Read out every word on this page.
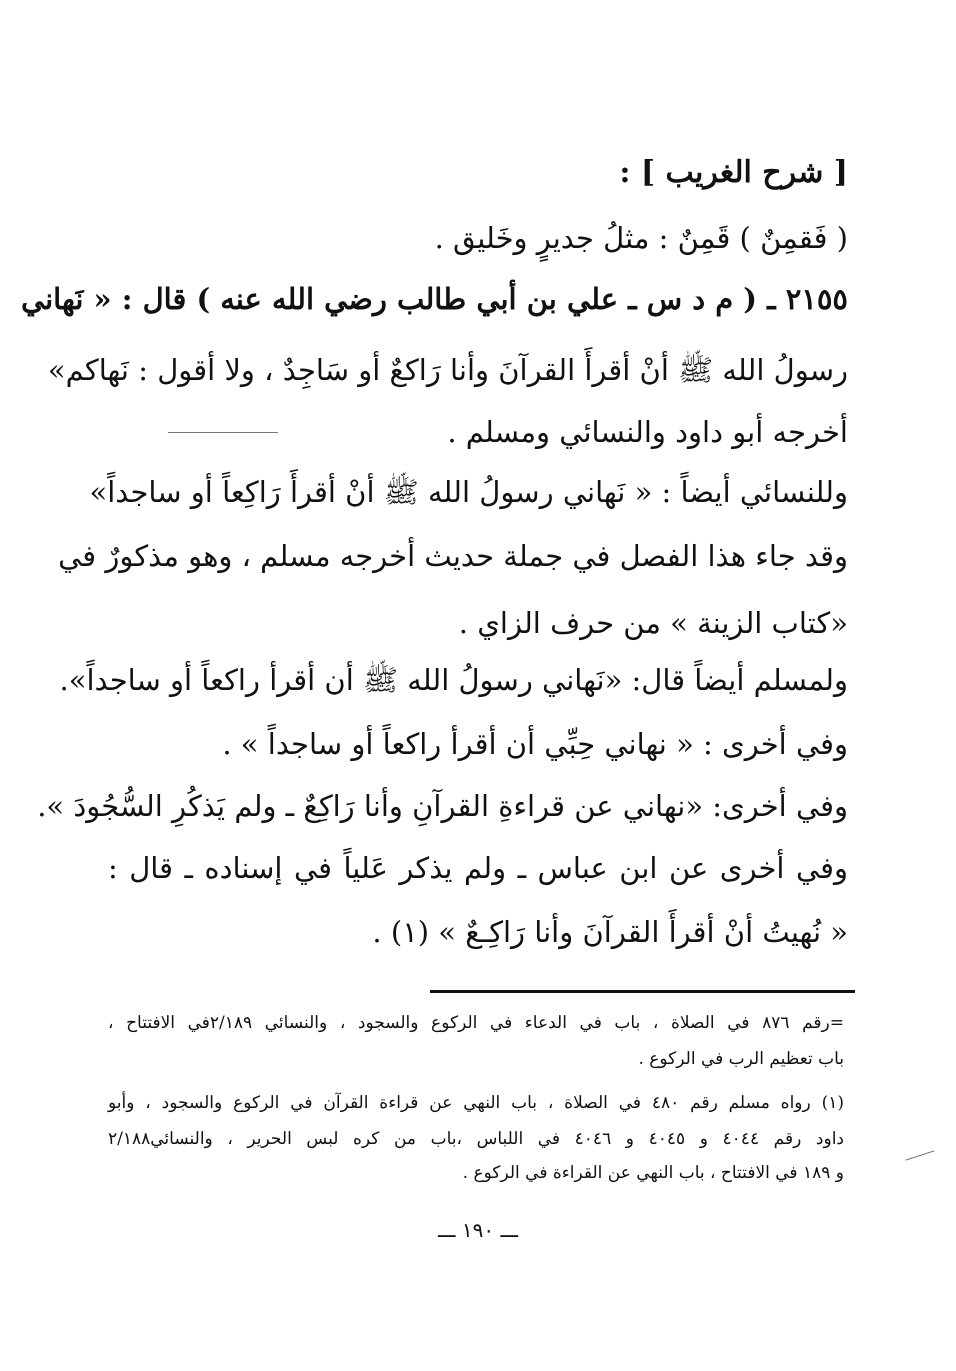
[ شرح الغريب ] :
( فَقمِنٌ ) قَمِنٌ : مثلُ جديرٍ وخَليق .
٢١٥٥ ـ ( م د س ـ علي بن أبي طالب رضي الله عنه ) قال : « نَهاني
رسولُ الله ﷺ أنْ أقرأَ القرآنَ وأنا رَاكعٌ أو سَاجِدٌ ، ولا أقول : نَهاكم»
أخرجه أبو داود والنسائي ومسلم .
وللنسائي أيضاً : « نَهاني رسولُ الله ﷺ أنْ أقرأَ رَاكِعاً أو ساجداً»
وقد جاء هذا الفصل في جملة حديث أخرجه مسلم ، وهو مذكورٌ في
«كتاب الزينة » من حرف الزاي .
ولمسلم أيضاً قال: «نَهاني رسولُ الله ﷺ أن أقرأ راكعاً أو ساجداً».
وفي أخرى : « نهاني حِبِّي أن أقرأ راكعاً أو ساجداً » .
وفي أخرى: «نهاني عن قراءةِ القرآنِ وأنا رَاكِعٌ ـ ولم يَذكُرِ السُّجُودَ ».
وفي أخرى عن ابن عباس ـ ولم يذكر عَلياً في إسناده ـ قال :
« نُهيتُ أنْ أقرأَ القرآنَ وأنا رَاكِـعٌ » (١) .
=رقم ٨٧٦ في الصلاة ، باب في الدعاء في الركوع والسجود ، والنسائي ٢/١٨٩في الافتتاح ،
باب تعظيم الرب في الركوع .
(١) رواه مسلم رقم ٤٨٠ في الصلاة ، باب النهي عن قراءة القرآن في الركوع والسجود ، وأبو
داود رقم ٤٠٤٤ و ٤٠٤٥ و ٤٠٤٦ في اللباس ،باب من كره لبس الحرير ، والنسائي٢/١٨٨
و ١٨٩ في الافتتاح ، باب النهي عن القراءة في الركوع .
ـــ ١٩٠ ـــ
